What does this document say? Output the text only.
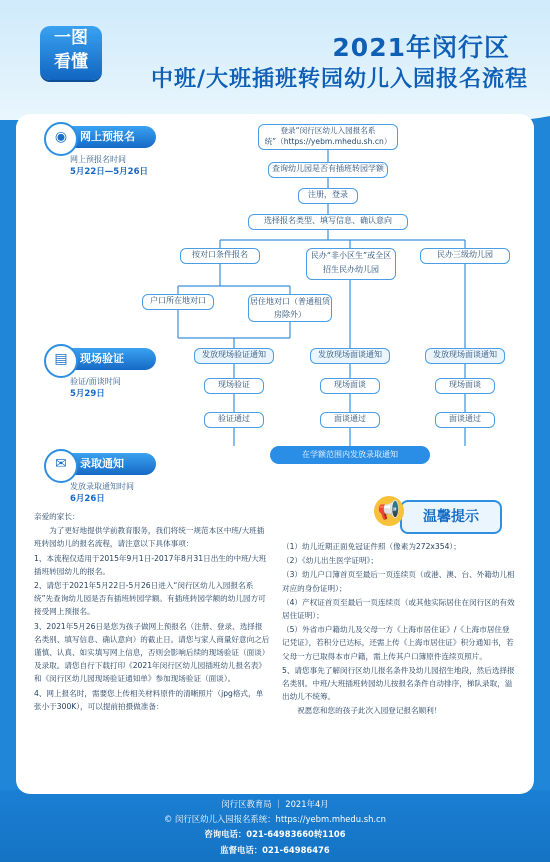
一图
看懂	2021年闵行区
中班/大班插班转园幼儿入园报名流程
网上预报名
◉
网上预报名时间
5月22日—5月26日
现场验证
▤
验证/面谈时间
5月29日
录取通知
✉
发放录取通知时间
6月26日
登录“闵行区幼儿入园报名系统”（https://yebm.mhedu.sh.cn）
查询幼儿园是否有插班转园学额
注册，登录
选择报名类型、填写信息、确认意向
按对口条件报名	民办“非小区生”或全区招生民办幼儿园
民办三级幼儿园
户口所在地对口	居住地对口（普通租赁房除外）
发放现场验证通知	发放现场面谈通知	发放现场面谈通知
现场验证	现场面谈	现场面谈
验证通过	面谈通过	面谈通过
在学额范围内发放录取通知
温馨提示
📢

亲爱的家长：

为了更好地提供学前教育服务，我们将统一规范本区中班/大班插班转园幼儿的报名流程，请注意以下具体事项：

1、本流程仅适用于2015年9月1日-2017年8月31日出生的中班/大班插班转园幼儿的报名。

2、请您于2021年5月22日-5月26日进入“闵行区幼儿入园报名系统”先查询幼儿园是否有插班转园学额。有插班转园学额的幼儿园方可接受网上预报名。

3、2021年5月26日是您为孩子做网上预报名（注册、登录、选择报名类别、填写信息、确认意向）的截止日。请您与家人商量好意向之后谨慎、认真、如实填写网上信息，否则会影响后续的现场验证（面谈）及录取。请您自行下载打印《2021年闵行区幼儿园插班幼儿报名表》和《闵行区幼儿园现场验证通知单》参加现场验证（面谈）。

4、网上报名时，需要您上传相关材料原件的清晰照片（jpg格式，单张小于300K），可以提前拍摄做准备：

（1）幼儿近期正面免冠证件照（像素为272x354）；

（2）《幼儿出生医学证明》；

（3）幼儿户口簿首页至最后一页连续页（或港、澳、台、外籍幼儿相对应的身份证明）；

（4）产权证首页至最后一页连续页（或其他实际居住在闵行区的有效居住证明）；

（5）外省市户籍幼儿及父母一方《上海市居住证》/《上海市居住登记凭证》，若积分已达标，还需上传《上海市居住证》积分通知书，若父母一方已取得本市户籍，需上传其户口簿原件连续页照片。

5、请您事先了解闵行区幼儿报名条件及幼儿园招生地段，然后选择报名类别。中班/大班插班转园幼儿按报名条件自动排序，梯队录取，溢出幼儿不统筹。

祝愿您和您的孩子此次入园登记报名顺利！

闵行区教育局 ｜ 2021年4月
© 闵行区幼儿入园报名系统：https://yebm.mhedu.sh.cn
咨询电话：021-64983660转1106
监督电话：021-64986476
